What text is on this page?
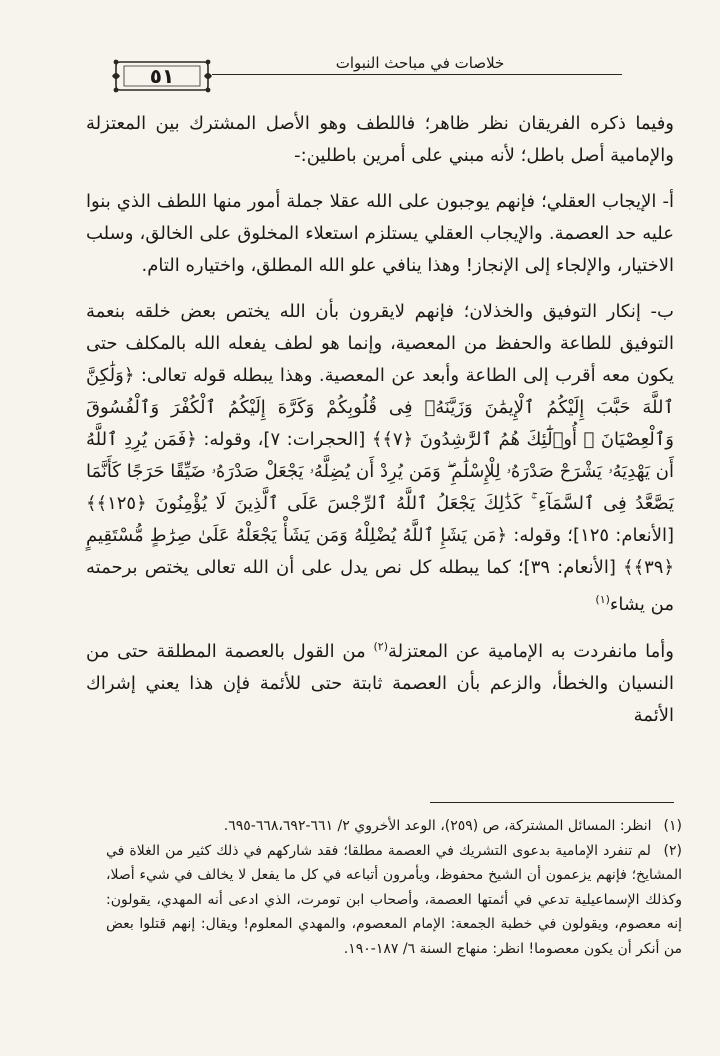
خلاصات في مباحث النبوات
٥١

وفيما ذكره الفريقان نظر ظاهر؛ فاللطف وهو الأصل المشترك بين المعتزلة والإمامية أصل باطل؛ لأنه مبني على أمرين باطلين:-

أ- الإيجاب العقلي؛ فإنهم يوجبون على الله عقلا جملة أمور منها اللطف الذي بنوا عليه حد العصمة. والإيجاب العقلي يستلزم استعلاء المخلوق على الخالق، وسلب الاختيار، والإلجاء إلى الإنجاز! وهذا ينافي علو الله المطلق، واختياره التام.

ب- إنكار التوفيق والخذلان؛ فإنهم لايقرون بأن الله يختص بعض خلقه بنعمة التوفيق للطاعة والحفظ من المعصية، وإنما هو لطف يفعله الله بالمكلف حتى يكون معه أقرب إلى الطاعة وأبعد عن المعصية. وهذا يبطله قوله تعالى: ﴿وَلَٰكِنَّ ٱللَّهَ حَبَّبَ إِلَيْكُمُ ٱلْإِيمَٰنَ وَزَيَّنَهُۥ فِى قُلُوبِكُمْ وَكَرَّهَ إِلَيْكُمُ ٱلْكُفْرَ وَٱلْفُسُوقَ وَٱلْعِصْيَانَ ۚ أُو۟لَٰٓئِكَ هُمُ ٱلرَّٰشِدُونَ ﴿٧﴾﴾ [الحجرات: ٧]، وقوله: ﴿فَمَن يُرِدِ ٱللَّهُ أَن يَهْدِيَهُۥ يَشْرَحْ صَدْرَهُۥ لِلْإِسْلَٰمِ ۖ وَمَن يُرِدْ أَن يُضِلَّهُۥ يَجْعَلْ صَدْرَهُۥ ضَيِّقًا حَرَجًا كَأَنَّمَا يَصَّعَّدُ فِى ٱلسَّمَآءِ ۚ كَذَٰلِكَ يَجْعَلُ ٱللَّهُ ٱلرِّجْسَ عَلَى ٱلَّذِينَ لَا يُؤْمِنُونَ ﴿١٢٥﴾﴾ [الأنعام: ١٢٥]؛ وقوله: ﴿مَن يَشَإِ ٱللَّهُ يُضْلِلْهُ وَمَن يَشَأْ يَجْعَلْهُ عَلَىٰ صِرَٰطٍ مُّسْتَقِيمٍ ﴿٣٩﴾﴾ [الأنعام: ٣٩]؛ كما يبطله كل نص يدل على أن الله تعالى يختص برحمته من يشاء$^{(١)}$

وأما مانفردت به الإمامية عن المعتزلة$^{(٢)}$ من القول بالعصمة المطلقة حتى من النسيان والخطأ، والزعم بأن العصمة ثابتة حتى للأئمة فإن هذا يعني إشراك الأئمة

(١) انظر: المسائل المشتركة، ص (٢٥٩)، الوعد الأخروي ٢/ ٦٦١-٦٦٨،٦٩٢-٦٩٥.

(٢) لم تنفرد الإمامية بدعوى التشريك في العصمة مطلقا؛ فقد شاركهم في ذلك كثير من الغلاة في المشايخ؛ فإنهم يزعمون أن الشيخ محفوظ، ويأمرون أتباعه في كل ما يفعل لا يخالف في شيء أصلا، وكذلك الإسماعيلية تدعي في أئمتها العصمة، وأصحاب ابن تومرت، الذي ادعى أنه المهدي، يقولون: إنه معصوم، ويقولون في خطبة الجمعة: الإمام المعصوم، والمهدي المعلوم! ويقال: إنهم قتلوا بعض من أنكر أن يكون معصوما! انظر: منهاج السنة ٦/ ١٨٧-١٩٠.
